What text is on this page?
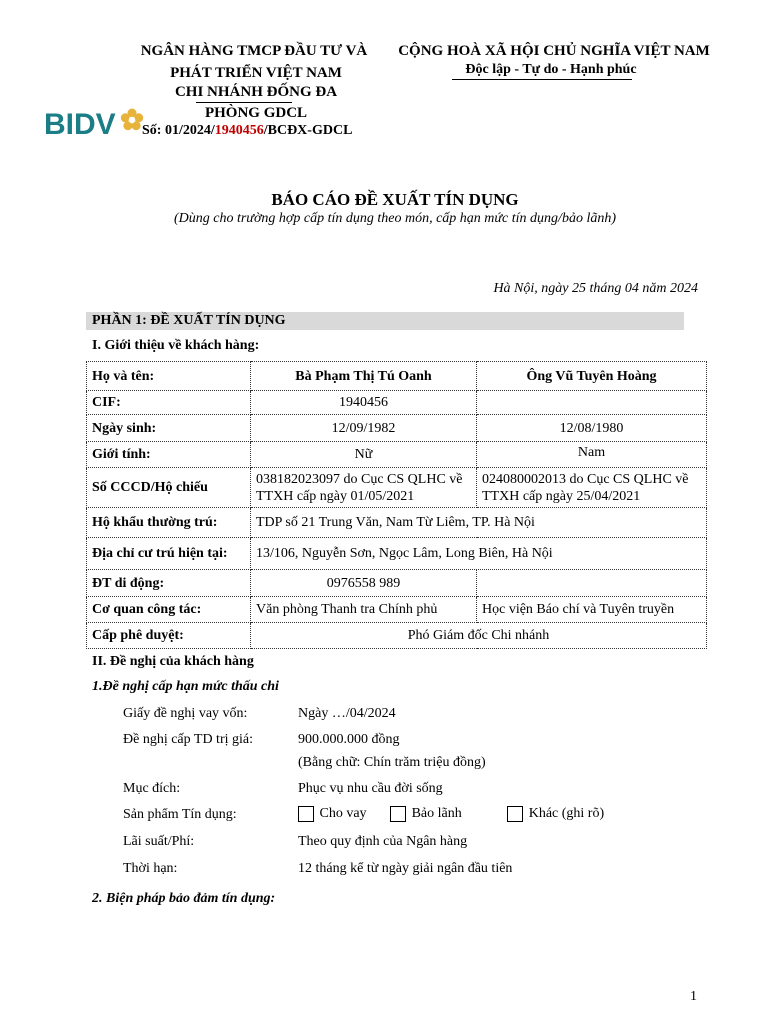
NGÂN HÀNG TMCP ĐẦU TƯ VÀ
PHÁT TRIỂN VIỆT NAM
CHI NHÁNH ĐỐNG ĐA
PHÒNG GDCL
BIDV Số: 01/2024/1940456/BCĐX-GDCL
CỘNG HOÀ XÃ HỘI CHỦ NGHĨA VIỆT NAM
Độc lập - Tự do - Hạnh phúc
BÁO CÁO ĐỀ XUẤT TÍN DỤNG
(Dùng cho trường hợp cấp tín dụng theo món, cấp hạn mức tín dụng/bảo lãnh)
Hà Nội, ngày 25 tháng 04 năm 2024
PHẦN 1: ĐỀ XUẤT TÍN DỤNG
I. Giới thiệu về khách hàng:
Họ và tên:	Bà Phạm Thị Tú Oanh	Ông Vũ Tuyên Hoàng
CIF:	1940456	
Ngày sinh:	12/09/1982	12/08/1980
Giới tính:	Nữ	Nam
Số CCCD/Hộ chiếu	038182023097 do Cục CS QLHC về TTXH cấp ngày 01/05/2021	024080002013 do Cục CS QLHC về TTXH cấp ngày 25/04/2021
Hộ khẩu thường trú:	TDP số 21 Trung Văn, Nam Từ Liêm, TP. Hà Nội	
Địa chỉ cư trú hiện tại:	13/106, Nguyễn Sơn, Ngọc Lâm, Long Biên, Hà Nội	
ĐT di động:	0976558 989	
Cơ quan công tác:	Văn phòng Thanh tra Chính phủ	Học viện Báo chí và Tuyên truyền
Cấp phê duyệt:	Phó Giám đốc Chi nhánh	
II. Đề nghị của khách hàng
1.Đề nghị cấp hạn mức thấu chi
Giấy đề nghị vay vốn:	Ngày …/04/2024
Đề nghị cấp TD trị giá:	900.000.000 đồng
(Bằng chữ: Chín trăm triệu đồng)
Mục đích:	Phục vụ nhu cầu đời sống
Sản phẩm Tín dụng:	Cho vay	Bảo lãnh	Khác (ghi rõ)
Lãi suất/Phí:	Theo quy định của Ngân hàng
Thời hạn:	12 tháng kể từ ngày giải ngân đầu tiên
2. Biện pháp bảo đảm tín dụng:
1
